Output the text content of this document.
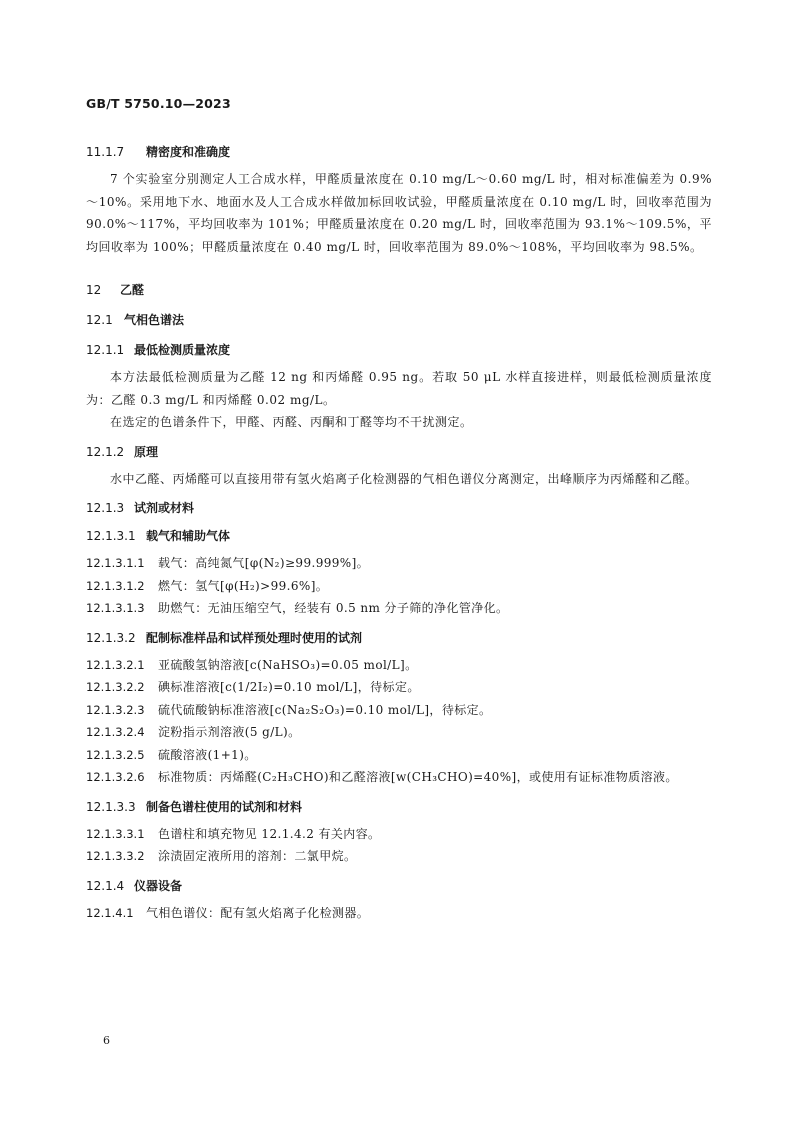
GB/T 5750.10—2023
11.1.7 精密度和准确度
7 个实验室分别测定人工合成水样，甲醛质量浓度在 0.10 mg/L～0.60 mg/L 时，相对标准偏差为 0.9%～10%。采用地下水、地面水及人工合成水样做加标回收试验，甲醛质量浓度在 0.10 mg/L 时，回收率范围为 90.0%～117%，平均回收率为 101%；甲醛质量浓度在 0.20 mg/L 时，回收率范围为 93.1%～109.5%，平均回收率为 100%；甲醛质量浓度在 0.40 mg/L 时，回收率范围为 89.0%～108%，平均回收率为 98.5%。
12 乙醛
12.1 气相色谱法
12.1.1 最低检测质量浓度
本方法最低检测质量为乙醛 12 ng 和丙烯醛 0.95 ng。若取 50 μL 水样直接进样，则最低检测质量浓度为：乙醛 0.3 mg/L 和丙烯醛 0.02 mg/L。
在选定的色谱条件下，甲醛、丙醛、丙酮和丁醛等均不干扰测定。
12.1.2 原理
水中乙醛、丙烯醛可以直接用带有氢火焰离子化检测器的气相色谱仪分离测定，出峰顺序为丙烯醛和乙醛。
12.1.3 试剂或材料
12.1.3.1 载气和辅助气体
12.1.3.1.1 载气：高纯氮气[φ(N₂)≥99.999%]。
12.1.3.1.2 燃气：氢气[φ(H₂)>99.6%]。
12.1.3.1.3 助燃气：无油压缩空气，经装有 0.5 nm 分子筛的净化管净化。
12.1.3.2 配制标准样品和试样预处理时使用的试剂
12.1.3.2.1 亚硫酸氢钠溶液[c(NaHSO₃)=0.05 mol/L]。
12.1.3.2.2 碘标准溶液[c(1/2I₂)=0.10 mol/L]，待标定。
12.1.3.2.3 硫代硫酸钠标准溶液[c(Na₂S₂O₃)=0.10 mol/L]，待标定。
12.1.3.2.4 淀粉指示剂溶液(5 g/L)。
12.1.3.2.5 硫酸溶液(1+1)。
12.1.3.2.6 标准物质：丙烯醛(C₂H₃CHO)和乙醛溶液[w(CH₃CHO)=40%]，或使用有证标准物质溶液。
12.1.3.3 制备色谱柱使用的试剂和材料
12.1.3.3.1 色谱柱和填充物见 12.1.4.2 有关内容。
12.1.3.3.2 涂渍固定液所用的溶剂：二氯甲烷。
12.1.4 仪器设备
12.1.4.1 气相色谱仪：配有氢火焰离子化检测器。
6
